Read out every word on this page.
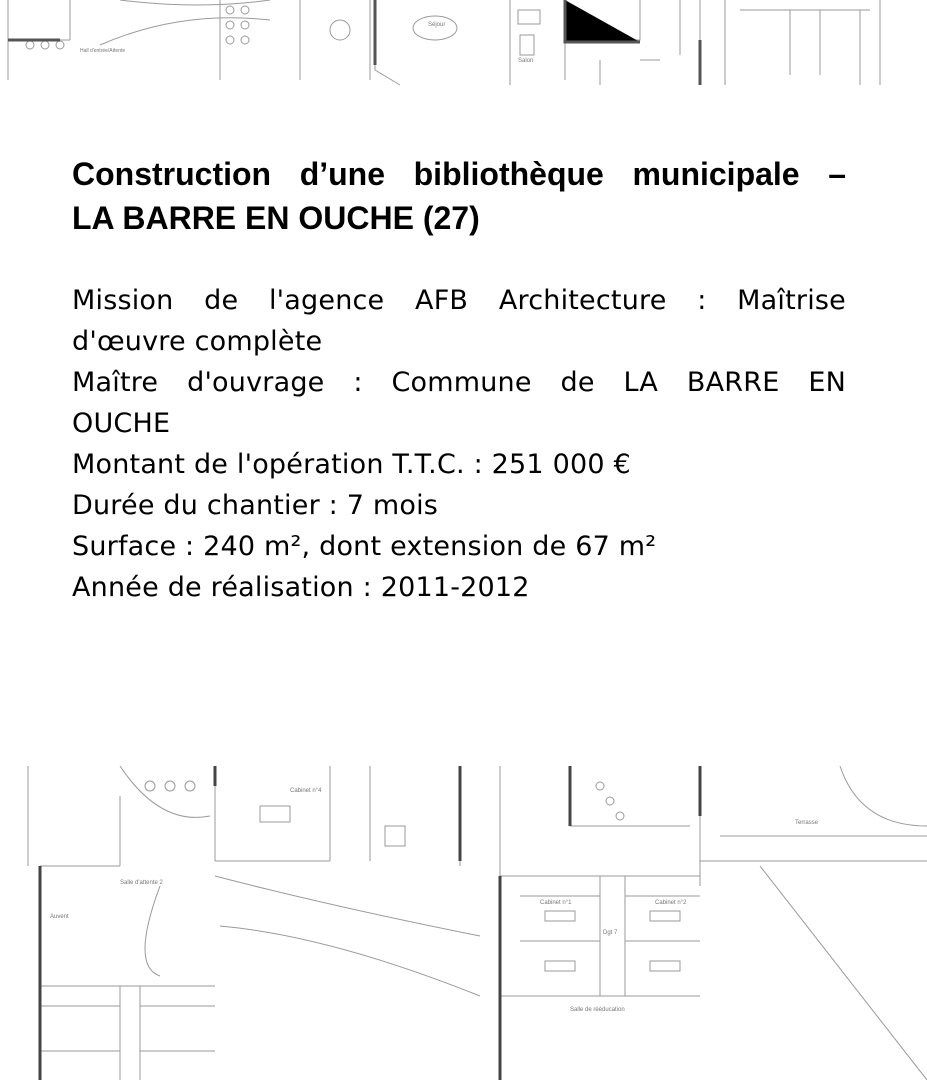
Séjour
Salon
Hall d'entrée/Attente
Construction d’une bibliothèque municipale –
LA BARRE EN OUCHE (27)
Mission de l'agence AFB Architecture : Maîtrise
d'œuvre complète
Maître d'ouvrage : Commune de LA BARRE EN
OUCHE
Montant de l'opération T.T.C. : 251 000 €
Durée du chantier : 7 mois
Surface : 240 m², dont extension de 67 m²
Année de réalisation : 2011-2012
Cabinet n°4
Salle d'attente 2
Auvent
Cabinet n°1	Cabinet n°2
Dgt 7
Salle de rééducation
Terrasse
